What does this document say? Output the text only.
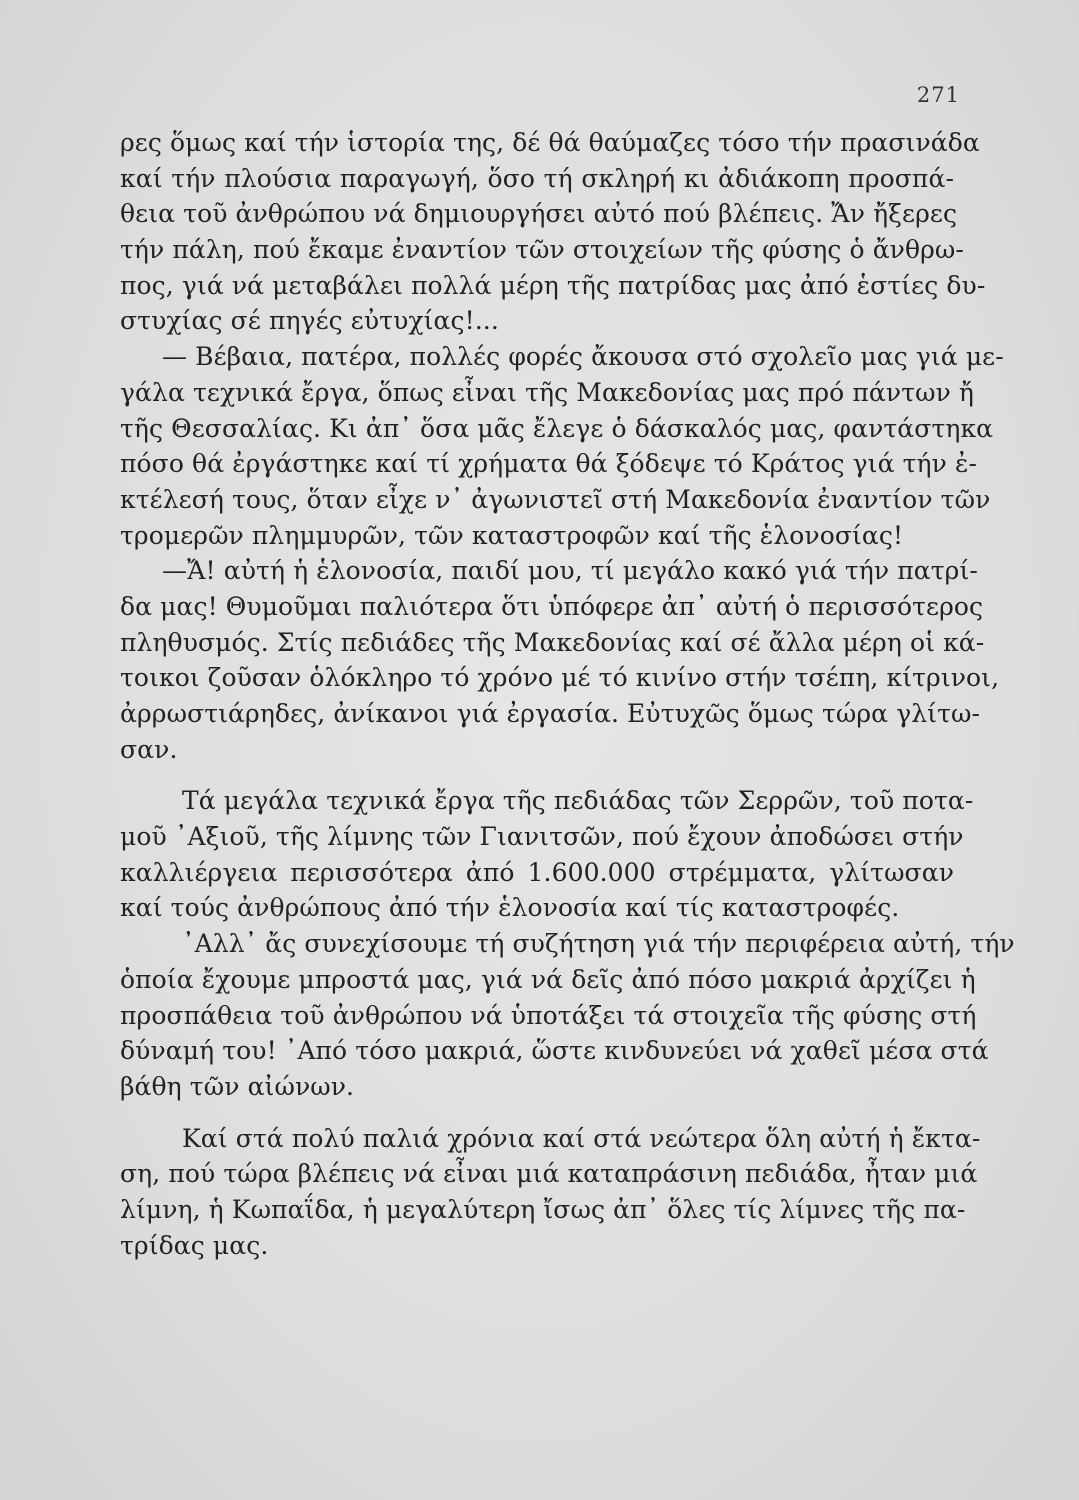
271
ρες ὅμως καί τήν ἱστορία της, δέ θά θαύμαζες τόσο τήν πρασινάδα
καί τήν πλούσια παραγωγή, ὅσο τή σκληρή κι ἀδιάκοπη προσπά-
θεια τοῦ ἀνθρώπου νά δημιουργήσει αὐτό πού βλέπεις. Ἄν ἤξερες
τήν πάλη, πού ἔκαμε ἐναντίον τῶν στοιχείων τῆς φύσης ὁ ἄνθρω-
πος, γιά νά μεταβάλει πολλά μέρη τῆς πατρίδας μας ἀπό ἑστίες δυ-
στυχίας σέ πηγές εὐτυχίας!...
— Βέβαια, πατέρα, πολλές φορές ἄκουσα στό σχολεῖο μας γιά με-
γάλα τεχνικά ἔργα, ὅπως εἶναι τῆς Μακεδονίας μας πρό πάντων ἤ
τῆς Θεσσαλίας. Κι ἀπ᾽ ὅσα μᾶς ἔλεγε ὁ δάσκαλός μας, φαντάστηκα
πόσο θά ἐργάστηκε καί τί χρήματα θά ξόδεψε τό Κράτος γιά τήν ἐ-
κτέλεσή τους, ὅταν εἶχε ν᾽ ἀγωνιστεῖ στή Μακεδονία ἐναντίον τῶν
τρομερῶν πλημμυρῶν, τῶν καταστροφῶν καί τῆς ἑλονοσίας!
—Ἄ! αὐτή ἡ ἑλονοσία, παιδί μου, τί μεγάλο κακό γιά τήν πατρί-
δα μας! Θυμοῦμαι παλιότερα ὅτι ὑπόφερε ἀπ᾽ αὐτή ὁ περισσότερος
πληθυσμός. Στίς πεδιάδες τῆς Μακεδονίας καί σέ ἄλλα μέρη οἱ κά-
τοικοι ζοῦσαν ὁλόκληρο τό χρόνο μέ τό κινίνο στήν τσέπη, κίτρινοι,
ἀρρωστιάρηδες, ἀνίκανοι γιά ἐργασία. Εὐτυχῶς ὅμως τώρα γλίτω-
σαν.
Τά μεγάλα τεχνικά ἔργα τῆς πεδιάδας τῶν Σερρῶν, τοῦ ποτα-
μοῦ ᾽Αξιοῦ, τῆς λίμνης τῶν Γιανιτσῶν, πού ἔχουν ἀποδώσει στήν
καλλιέργεια περισσότερα ἀπό 1.600.000 στρέμματα, γλίτωσαν
καί τούς ἀνθρώπους ἀπό τήν ἑλονοσία καί τίς καταστροφές.
᾽Αλλ᾽ ἄς συνεχίσουμε τή συζήτηση γιά τήν περιφέρεια αὐτή, τήν
ὁποία ἔχουμε μπροστά μας, γιά νά δεῖς ἀπό πόσο μακριά ἀρχίζει ἡ
προσπάθεια τοῦ ἀνθρώπου νά ὑποτάξει τά στοιχεῖα τῆς φύσης στή
δύναμή του! ᾽Από τόσο μακριά, ὥστε κινδυνεύει νά χαθεῖ μέσα στά
βάθη τῶν αἰώνων.
Καί στά πολύ παλιά χρόνια καί στά νεώτερα ὅλη αὐτή ἡ ἔκτα-
ση, πού τώρα βλέπεις νά εἶναι μιά καταπράσινη πεδιάδα, ἦταν μιά
λίμνη, ἡ Κωπαΐδα, ἡ μεγαλύτερη ἴσως ἀπ᾽ ὅλες τίς λίμνες τῆς πα-
τρίδας μας.
